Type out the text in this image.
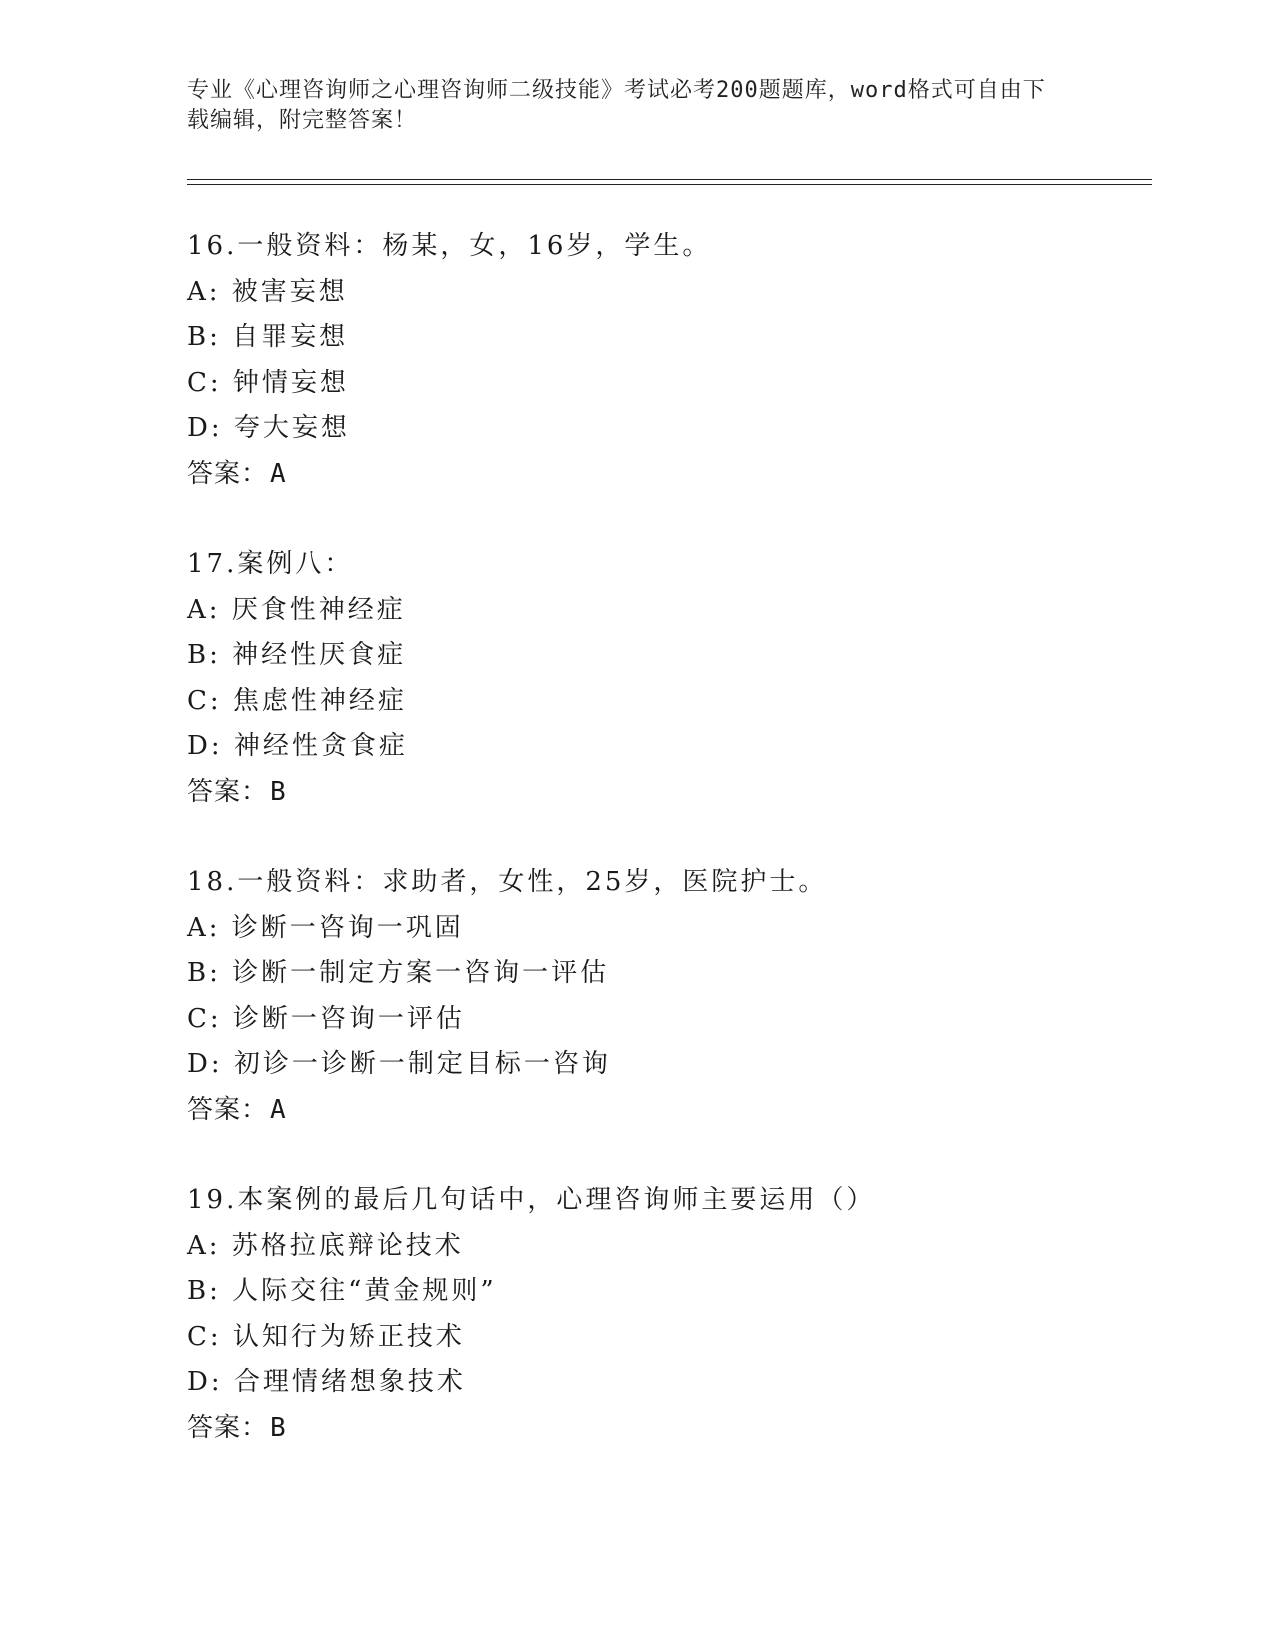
专业《心理咨询师之心理咨询师二级技能》考试必考200题题库，word格式可自由下载编辑，附完整答案！
16.一般资料：杨某，女，16岁，学生。
A: 被害妄想
B: 自罪妄想
C: 钟情妄想
D: 夸大妄想
答案：A
17.案例八：
A: 厌食性神经症
B: 神经性厌食症
C: 焦虑性神经症
D: 神经性贪食症
答案：B
18.一般资料：求助者，女性，25岁，医院护士。
A: 诊断一咨询一巩固
B: 诊断一制定方案一咨询一评估
C: 诊断一咨询一评估
D: 初诊一诊断一制定目标一咨询
答案：A
19.本案例的最后几句话中，心理咨询师主要运用（）
A: 苏格拉底辩论技术
B: 人际交往“黄金规则”
C: 认知行为矫正技术
D: 合理情绪想象技术
答案：B
